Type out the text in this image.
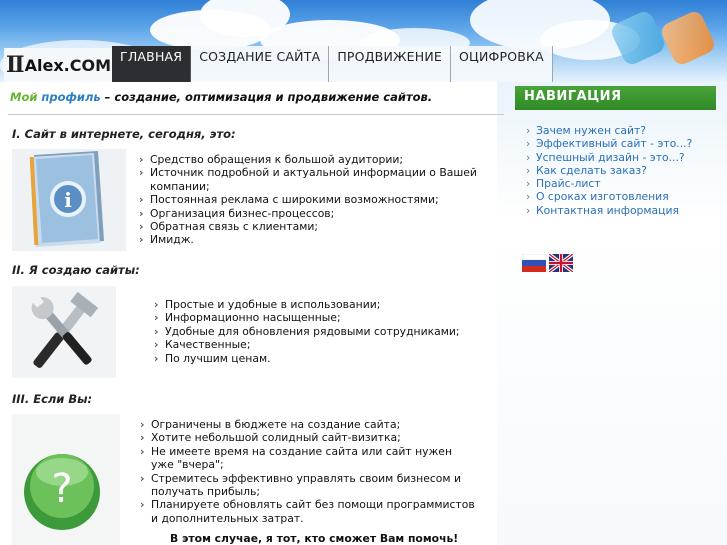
II Alex.COM ГЛАВНАЯ	СОЗДАНИЕ САЙТА	ПРОДВИЖЕНИЕ	ОЦИФРОВКА
Мой профиль – создание, оптимизация и продвижение сайтов.
I. Сайт в интернете, сегодня, это:
i
› Средство обращения к большой аудитории;
› Источник подробной и актуальной информации о Вашей компании;
› Постоянная реклама с широкими возможностями;
› Организация бизнес-процессов;
› Обратная связь с клиентами;
› Имидж.
II. Я создаю сайты:
› Простые и удобные в использовании;
› Информационно насыщенные;
› Удобные для обновления рядовыми сотрудниками;
› Качественные;
› По лучшим ценам.
III. Если Вы:
?
› Ограничены в бюджете на создание сайта;
› Хотите небольшой солидный сайт-визитка;
› Не имеете время на создание сайта или сайт нужен уже "вчера";
› Стремитесь эффективно управлять своим бизнесом и получать прибыль;
› Планируете обновлять сайт без помощи программистов и дополнительных затрат.
В этом случае, я тот, кто сможет Вам помочь!
НАВИГАЦИЯ
› Зачем нужен сайт?
› Эффективный сайт - это...?
› Успешный дизайн - это...?
› Как сделать заказ?
› Прайс-лист
› О сроках изготовления
› Контактная информация
